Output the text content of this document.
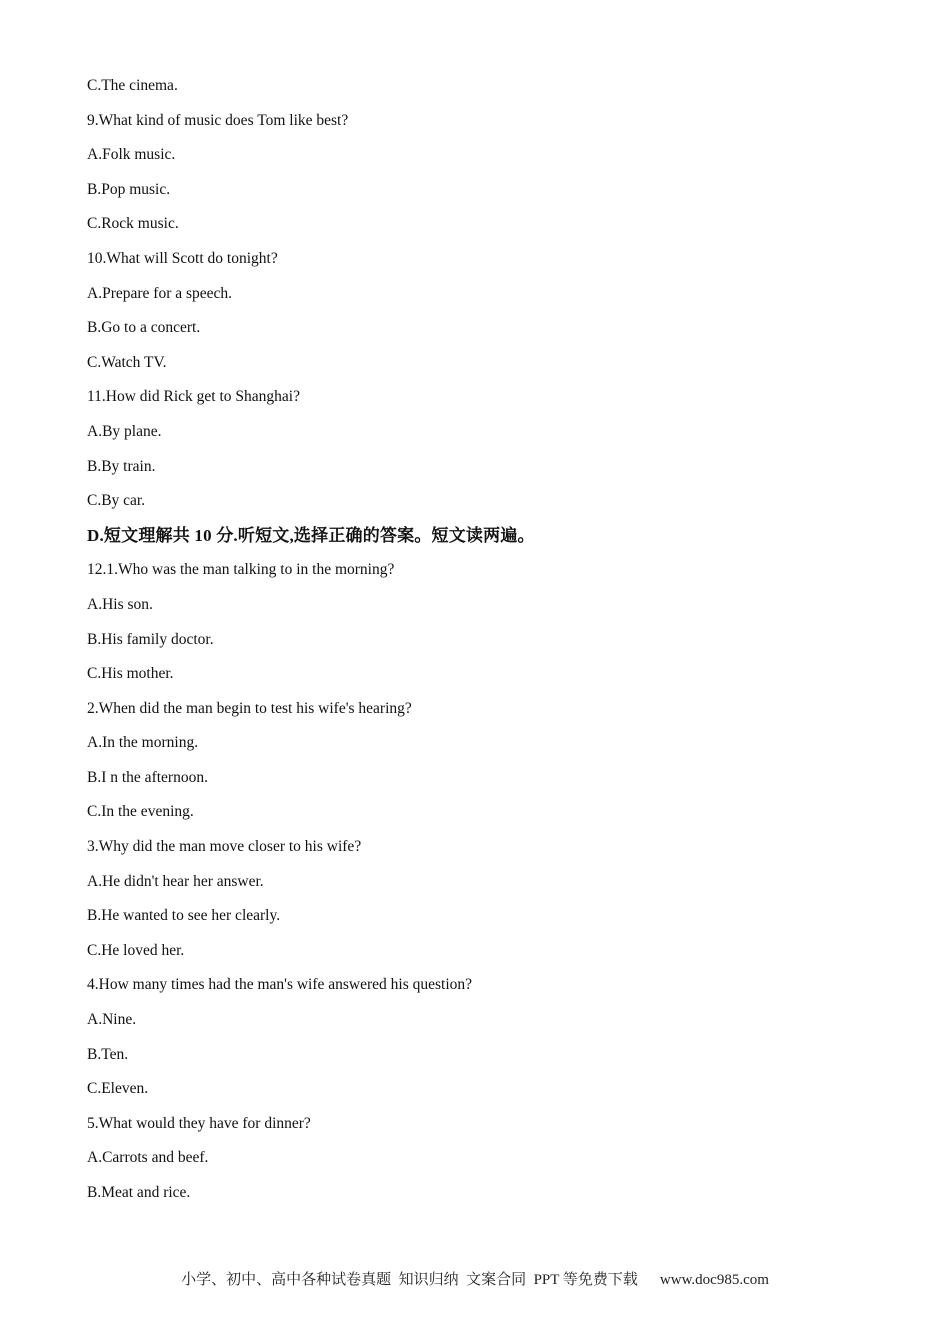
C.The cinema.
9.What kind of music does Tom like best?
A.Folk music.
B.Pop music.
C.Rock music.
10.What will Scott do tonight?
A.Prepare for a speech.
B.Go to a concert.
C.Watch TV.
11.How did Rick get to Shanghai?
A.By plane.
B.By train.
C.By car.
D.短文理解共 10 分.听短文,选择正确的答案。短文读两遍。
12.1.Who was the man talking to in the morning?
A.His son.
B.His family doctor.
C.His mother.
2.When did the man begin to test his wife's hearing?
A.In the morning.
B.I n the afternoon.
C.In the evening.
3.Why did the man move closer to his wife?
A.He didn't hear her answer.
B.He wanted to see her clearly.
C.He loved her.
4.How many times had the man's wife answered his question?
A.Nine.
B.Ten.
C.Eleven.
5.What would they have for dinner?
A.Carrots and beef.
B.Meat and rice.
小学、初中、高中各种试卷真题  知识归纳  文案合同  PPT 等免费下载 www.doc985.com
